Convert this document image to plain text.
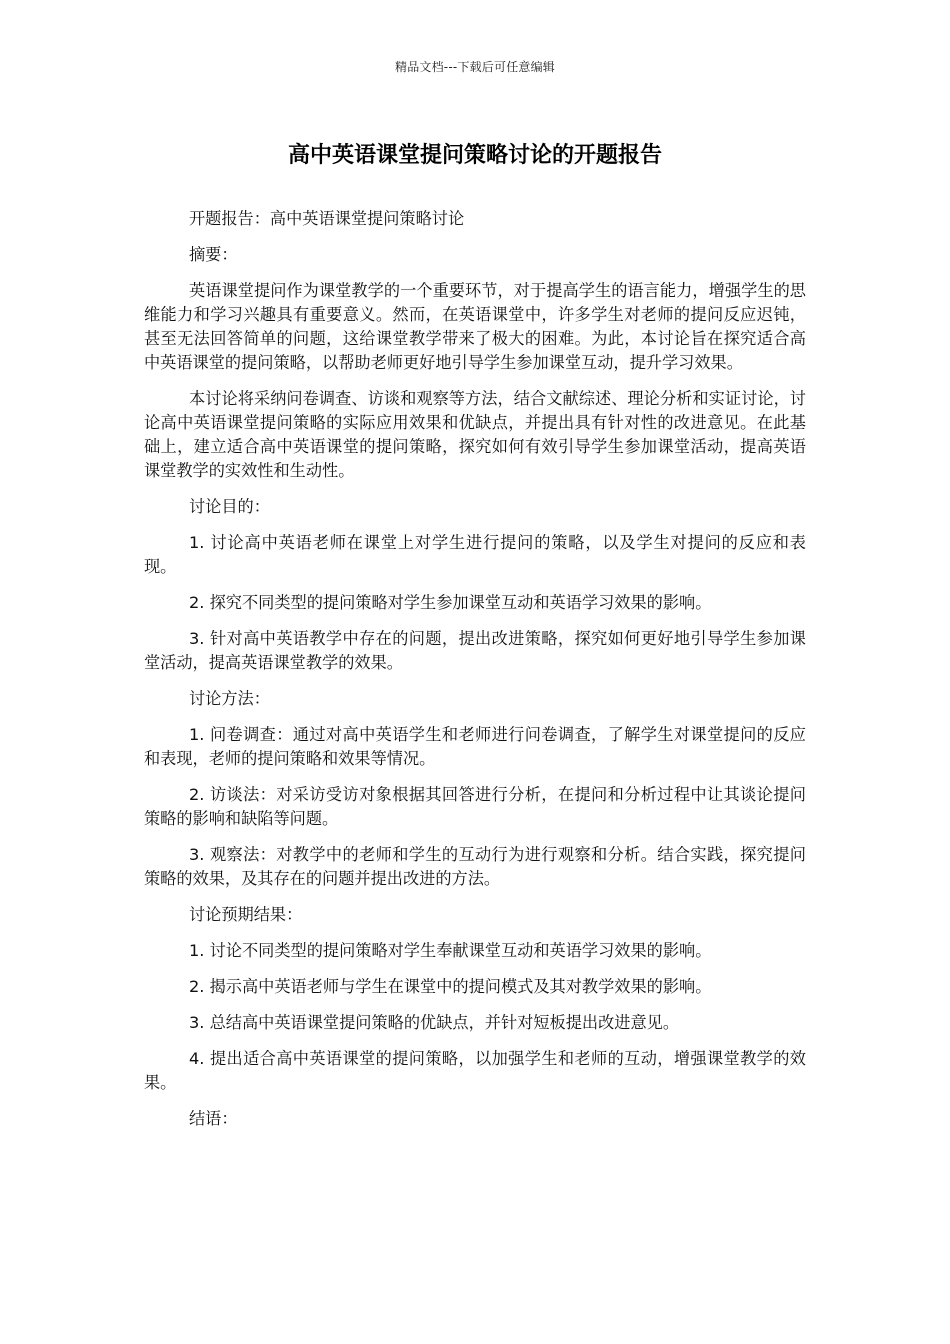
精品文档---下载后可任意编辑
高中英语课堂提问策略讨论的开题报告

开题报告：高中英语课堂提问策略讨论

摘要：

英语课堂提问作为课堂教学的一个重要环节，对于提高学生的语言能力，增强学生的思维能力和学习兴趣具有重要意义。然而，在英语课堂中，许多学生对老师的提问反应迟钝，甚至无法回答简单的问题，这给课堂教学带来了极大的困难。为此，本讨论旨在探究适合高中英语课堂的提问策略，以帮助老师更好地引导学生参加课堂互动，提升学习效果。

本讨论将采纳问卷调查、访谈和观察等方法，结合文献综述、理论分析和实证讨论，讨论高中英语课堂提问策略的实际应用效果和优缺点，并提出具有针对性的改进意见。在此基础上，建立适合高中英语课堂的提问策略，探究如何有效引导学生参加课堂活动，提高英语课堂教学的实效性和生动性。

讨论目的：

1. 讨论高中英语老师在课堂上对学生进行提问的策略，以及学生对提问的反应和表现。

2. 探究不同类型的提问策略对学生参加课堂互动和英语学习效果的影响。

3. 针对高中英语教学中存在的问题，提出改进策略，探究如何更好地引导学生参加课堂活动，提高英语课堂教学的效果。

讨论方法：

1. 问卷调查：通过对高中英语学生和老师进行问卷调查，了解学生对课堂提问的反应和表现，老师的提问策略和效果等情况。

2. 访谈法：对采访受访对象根据其回答进行分析，在提问和分析过程中让其谈论提问策略的影响和缺陷等问题。

3. 观察法：对教学中的老师和学生的互动行为进行观察和分析。结合实践，探究提问策略的效果，及其存在的问题并提出改进的方法。

讨论预期结果：

1. 讨论不同类型的提问策略对学生奉献课堂互动和英语学习效果的影响。

2. 揭示高中英语老师与学生在课堂中的提问模式及其对教学效果的影响。

3. 总结高中英语课堂提问策略的优缺点，并针对短板提出改进意见。

4. 提出适合高中英语课堂的提问策略，以加强学生和老师的互动，增强课堂教学的效果。

结语：
